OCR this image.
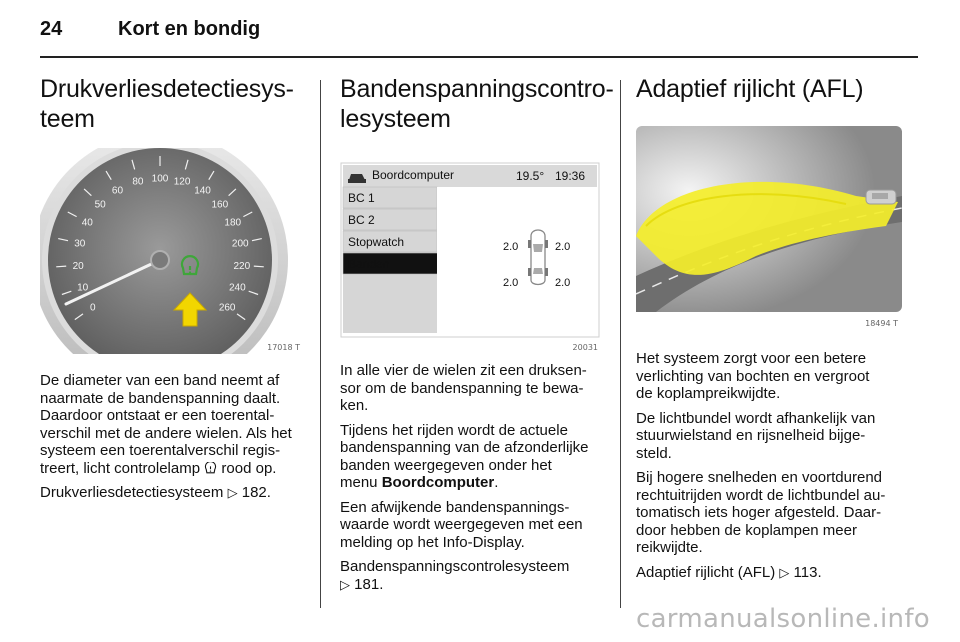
24	Kort en bondig
Drukverliesdetectiesys-
teem
0
10
20
30
40
50
60
80 100 120
140
160
180
200
220
240
260
17018 T

De diameter van een band neemt af
naarmate de bandenspanning daalt.
Daardoor ontstaat er een toerental-
verschil met de andere wielen. Als het
systeem een toerentalverschil regis-
treert, licht controlelamp  rood op.

Drukverliesdetectiesysteem ▷ 182.

Bandenspanningscontro-
lesysteem
Boordcomputer	19.5° 19:36
BC 1
BC 2
Stopwatch
Banden
2.0	2.0
2.0	2.0
20031

In alle vier de wielen zit een druksen-
sor om de bandenspanning te bewa-
ken.

Tijdens het rijden wordt de actuele
bandenspanning van de afzonderlijke
banden weergegeven onder het
menu Boordcomputer.

Een afwijkende bandenspannings-
waarde wordt weergegeven met een
melding op het Info-Display.

Bandenspanningscontrolesysteem
▷ 181.

Adaptief rijlicht (AFL)
18494 T

Het systeem zorgt voor een betere
verlichting van bochten en vergroot
de koplampreikwijdte.

De lichtbundel wordt afhankelijk van
stuurwielstand en rijsnelheid bijge-
steld.

Bij hogere snelheden en voortdurend
rechtuitrijden wordt de lichtbundel au-
tomatisch iets hoger afgesteld. Daar-
door hebben de koplampen meer
reikwijdte.

Adaptief rijlicht (AFL) ▷ 113.

carmanualsonline.info
